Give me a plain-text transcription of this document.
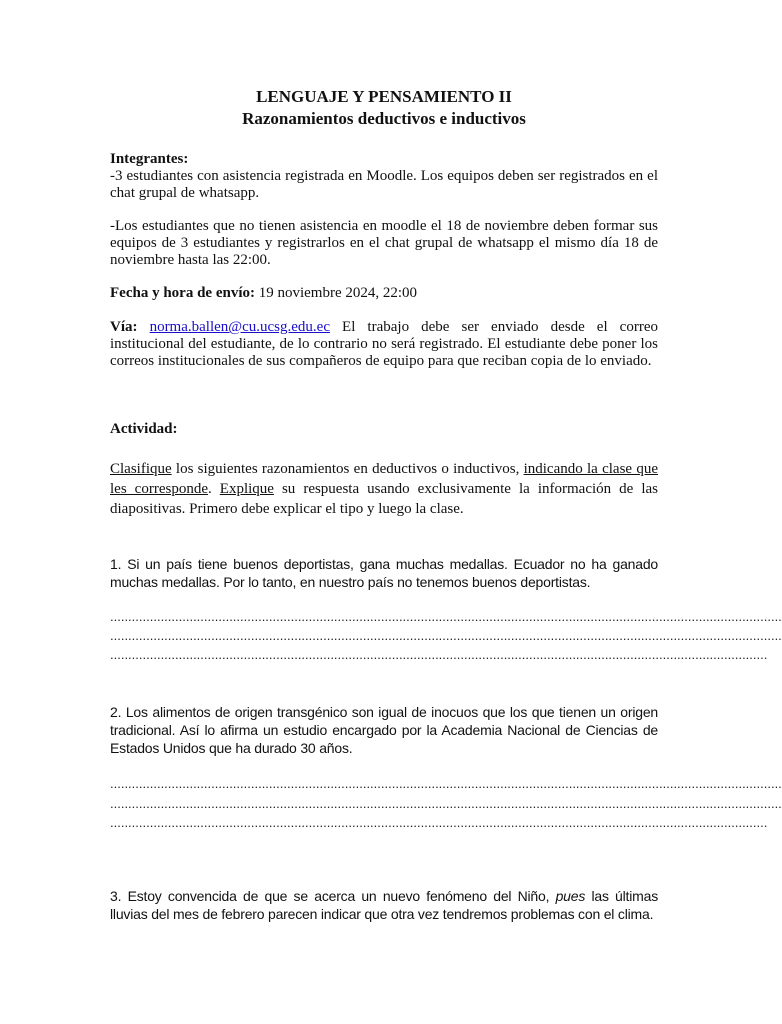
LENGUAJE Y PENSAMIENTO II
Razonamientos deductivos e inductivos
Integrantes:
-3 estudiantes con asistencia registrada en Moodle. Los equipos deben ser registrados en el chat grupal de whatsapp.
-Los estudiantes que no tienen asistencia en moodle el 18 de noviembre deben formar sus equipos de 3 estudiantes y registrarlos en el chat grupal de whatsapp el mismo día 18 de noviembre hasta las 22:00.
Fecha y hora de envío: 19 noviembre 2024, 22:00
Vía: norma.ballen@cu.ucsg.edu.ec El trabajo debe ser enviado desde el correo institucional del estudiante, de lo contrario no será registrado. El estudiante debe poner los correos institucionales de sus compañeros de equipo para que reciban copia de lo enviado.
Actividad:
Clasifique los siguientes razonamientos en deductivos o inductivos, indicando la clase que les corresponde. Explique su respuesta usando exclusivamente la información de las diapositivas. Primero debe explicar el tipo y luego la clase.
1. Si un país tiene buenos deportistas, gana muchas medallas. Ecuador no ha ganado muchas medallas. Por lo tanto, en nuestro país no tenemos buenos deportistas.
..........................................................................................................................................................................................
..........................................................................................................................................................................................
......................................................................................................................................................................................
2. Los alimentos de origen transgénico son igual de inocuos que los que tienen un origen tradicional. Así lo afirma un estudio encargado por la Academia Nacional de Ciencias de Estados Unidos que ha durado 30 años.
..........................................................................................................................................................................................
..........................................................................................................................................................................................
......................................................................................................................................................................................
3. Estoy convencida de que se acerca un nuevo fenómeno del Niño, pues las últimas lluvias del mes de febrero parecen indicar que otra vez tendremos problemas con el clima.
